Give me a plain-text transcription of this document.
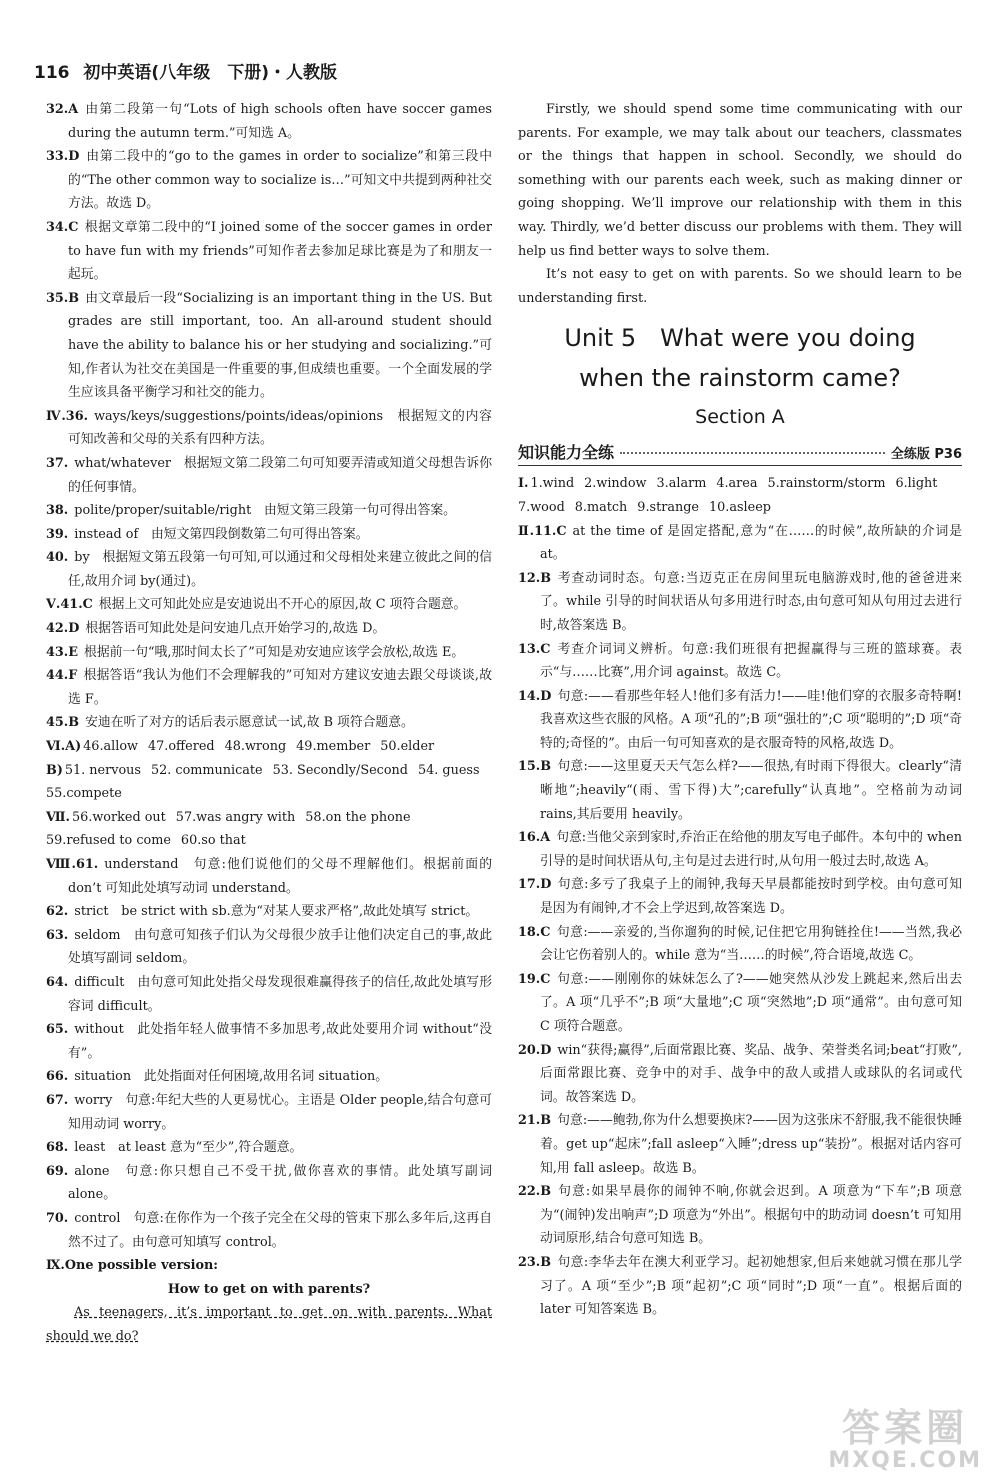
116 初中英语(八年级　下册)・人教版

32.A 由第二段第一句“Lots of high schools often have soccer games during the autumn term.”可知选 A。

33.D 由第二段中的“go to the games in order to socialize”和第三段中的“The other common way to socialize is…”可知文中共提到两种社交方法。故选 D。

34.C 根据文章第二段中的“I joined some of the soccer games in order to have fun with my friends”可知作者去参加足球比赛是为了和朋友一起玩。

35.B 由文章最后一段“Socializing is an important thing in the US. But grades are still important, too. An all-around student should have the ability to balance his or her studying and socializing.”可知,作者认为社交在美国是一件重要的事,但成绩也重要。一个全面发展的学生应该具备平衡学习和社交的能力。

Ⅳ.36. ways/keys/suggestions/points/ideas/opinions　根据短文的内容可知改善和父母的关系有四种方法。

37. what/whatever　根据短文第二段第二句可知要弄清或知道父母想告诉你的任何事情。

38. polite/proper/suitable/right　由短文第三段第一句可得出答案。

39. instead of　由短文第四段倒数第二句可得出答案。

40. by　根据短文第五段第一句可知,可以通过和父母相处来建立彼此之间的信任,故用介词 by(通过)。

Ⅴ.41.C 根据上文可知此处应是安迪说出不开心的原因,故 C 项符合题意。

42.D 根据答语可知此处是问安迪几点开始学习的,故选 D。

43.E 根据前一句“哦,那时间太长了”可知是劝安迪应该学会放松,故选 E。

44.F 根据答语“我认为他们不会理解我的”可知对方建议安迪去跟父母谈谈,故选 F。

45.B 安迪在听了对方的话后表示愿意试一试,故 B 项符合题意。

Ⅵ.A) 46.allow 47.offered 48.wrong 49.member 50.elder

B) 51. nervous 52. communicate 53. Secondly/Second 54. guess

55.compete

Ⅶ. 56.worked out 57.was angry with 58.on the phone

59.refused to come 60.so that

Ⅷ.61. understand　句意:他们说他们的父母不理解他们。根据前面的 don’t 可知此处填写动词 understand。

62. strict　be strict with sb.意为“对某人要求严格”,故此处填写 strict。

63. seldom　由句意可知孩子们认为父母很少放手让他们决定自己的事,故此处填写副词 seldom。

64. difficult　由句意可知此处指父母发现很难赢得孩子的信任,故此处填写形容词 difficult。

65. without　此处指年轻人做事情不多加思考,故此处要用介词 without“没有”。

66. situation　此处指面对任何困境,故用名词 situation。

67. worry　句意:年纪大些的人更易忧心。主语是 Older people,结合句意可知用动词 worry。

68. least　at least 意为“至少”,符合题意。

69. alone　句意:你只想自己不受干扰,做你喜欢的事情。此处填写副词 alone。

70. control　句意:在你作为一个孩子完全在父母的管束下那么多年后,这再自然不过了。由句意可知填写 control。

Ⅸ.One possible version:

How to get on with parents?

As teenagers, it’s important to get on with parents. What should we do?

Firstly, we should spend some time communicating with our parents. For example, we may talk about our teachers, classmates or the things that happen in school. Secondly, we should do something with our parents each week, such as making dinner or going shopping. We’ll improve our relationship with them in this way. Thirdly, we’d better discuss our problems with them. They will help us find better ways to solve them.

It’s not easy to get on with parents. So we should learn to be understanding first.

Unit 5　What were you doing

when the rainstorm came?

Section A

知识能力全练	全练版 P36

Ⅰ. 1.wind 2.window 3.alarm 4.area 5.rainstorm/storm 6.light

7.wood 8.match 9.strange 10.asleep

Ⅱ.11.C at the time of 是固定搭配,意为“在……的时候”,故所缺的介词是 at。

12.B 考查动词时态。句意:当迈克正在房间里玩电脑游戏时,他的爸爸进来了。while 引导的时间状语从句多用进行时态,由句意可知从句用过去进行时,故答案选 B。

13.C 考查介词词义辨析。句意:我们班很有把握赢得与三班的篮球赛。表示“与……比赛”,用介词 against。故选 C。

14.D 句意:——看那些年轻人!他们多有活力!——哇!他们穿的衣服多奇特啊!我喜欢这些衣服的风格。A 项“孔的”;B 项“强壮的”;C 项“聪明的”;D 项“奇特的;奇怪的”。由后一句可知喜欢的是衣服奇特的风格,故选 D。

15.B 句意:——这里夏天天气怎么样?——很热,有时雨下得很大。clearly“清晰地”;heavily“(雨、雪下得)大”;carefully“认真地”。空格前为动词 rains,其后要用 heavily。

16.A 句意:当他父亲到家时,乔治正在给他的朋友写电子邮件。本句中的 when 引导的是时间状语从句,主句是过去进行时,从句用一般过去时,故选 A。

17.D 句意:多亏了我桌子上的闹钟,我每天早晨都能按时到学校。由句意可知是因为有闹钟,才不会上学迟到,故答案选 D。

18.C 句意:——亲爱的,当你遛狗的时候,记住把它用狗链拴住!——当然,我必会让它伤着别人的。while 意为“当……的时候”,符合语境,故选 C。

19.C 句意:——刚刚你的妹妹怎么了?——她突然从沙发上跳起来,然后出去了。A 项“几乎不”;B 项“大量地”;C 项“突然地”;D 项“通常”。由句意可知 C 项符合题意。

20.D win“获得;赢得”,后面常跟比赛、奖品、战争、荣誉类名词;beat“打败”,后面常跟比赛、竞争中的对手、战争中的敌人或措人或球队的名词或代词。故答案选 D。

21.B 句意:——鲍勃,你为什么想要换床?——因为这张床不舒服,我不能很快睡着。get up“起床”;fall asleep“入睡”;dress up“装扮”。根据对话内容可知,用 fall asleep。故选 B。

22.B 句意:如果早晨你的闹钟不响,你就会迟到。A 项意为“下车”;B 项意为“(闹钟)发出响声”;D 项意为“外出”。根据句中的助动词 doesn’t 可知用动词原形,结合句意可知选 B。

23.B 句意:李华去年在澳大利亚学习。起初她想家,但后来她就习惯在那儿学习了。A 项“至少”;B 项“起初”;C 项“同时”;D 项“一直”。根据后面的 later 可知答案选 B。

答案圈
MXQE.COM
